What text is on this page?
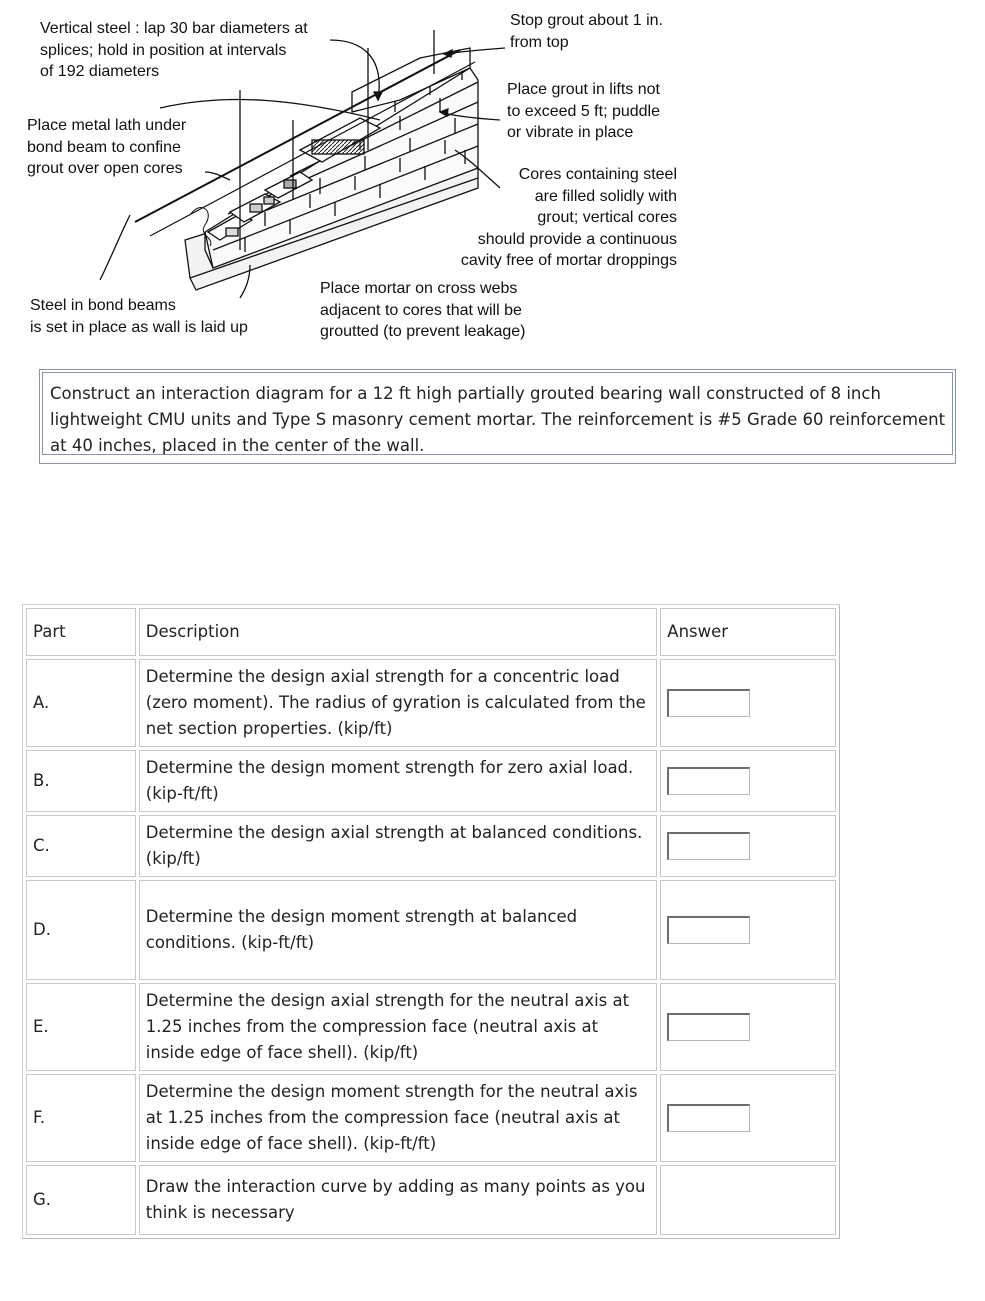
Vertical steel : lap 30 bar diameters at
splices; hold in position at intervals
of 192 diameters
Stop grout about 1 in.
from top
Place grout in lifts not
to exceed 5 ft; puddle
or vibrate in place
Place metal lath under
bond beam to confine
grout over open cores	Cores containing steel
are filled solidly with
grout; vertical cores
should provide a continuous
cavity free of mortar droppings
Place mortar on cross webs
adjacent to cores that will be
groutted (to prevent leakage)
Steel in bond beams
is set in place as wall is laid up
Construct an interaction diagram for a 12 ft high partially grouted bearing wall constructed of 8 inch lightweight CMU units and Type S masonry cement mortar. The reinforcement is #5 Grade 60 reinforcement at 40 inches, placed in the center of the wall.
Part	Description	Answer
A.	Determine the design axial strength for a concentric load (zero moment). The radius of gyration is calculated from the net section properties. (kip/ft)	
B.	Determine the design moment strength for zero axial load. (kip-ft/ft)	
C.	Determine the design axial strength at balanced conditions. (kip/ft)	
D.	Determine the design moment strength at balanced conditions. (kip-ft/ft)	
E.	Determine the design axial strength for the neutral axis at 1.25 inches from the compression face (neutral axis at inside edge of face shell). (kip/ft)	
F.	Determine the design moment strength for the neutral axis at 1.25 inches from the compression face (neutral axis at inside edge of face shell). (kip-ft/ft)	
G.	Draw the interaction curve by adding as many points as you think is necessary	
